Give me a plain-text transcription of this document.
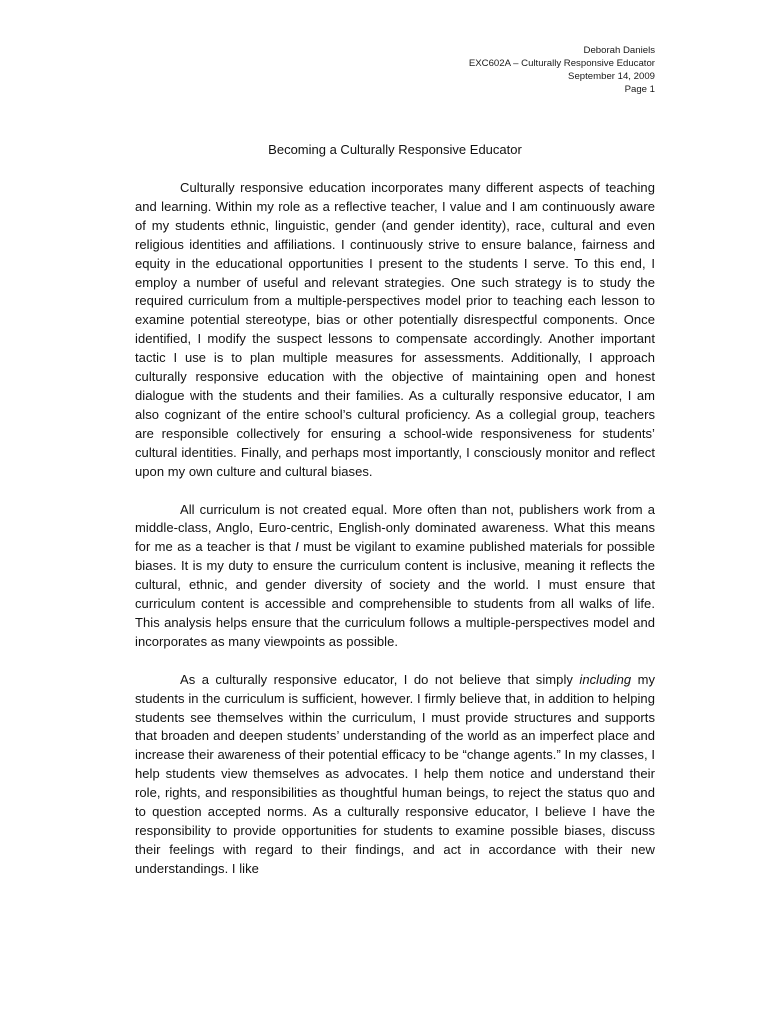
Deborah Daniels
EXC602A – Culturally Responsive Educator
September 14, 2009
Page 1
Becoming a Culturally Responsive Educator

Culturally responsive education incorporates many different aspects of teaching and learning. Within my role as a reflective teacher, I value and I am continuously aware of my students ethnic, linguistic, gender (and gender identity), race, cultural and even religious identities and affiliations. I continuously strive to ensure balance, fairness and equity in the educational opportunities I present to the students I serve. To this end, I employ a number of useful and relevant strategies. One such strategy is to study the required curriculum from a multiple-perspectives model prior to teaching each lesson to examine potential stereotype, bias or other potentially disrespectful components. Once identified, I modify the suspect lessons to compensate accordingly. Another important tactic I use is to plan multiple measures for assessments. Additionally, I approach culturally responsive education with the objective of maintaining open and honest dialogue with the students and their families. As a culturally responsive educator, I am also cognizant of the entire school’s cultural proficiency. As a collegial group, teachers are responsible collectively for ensuring a school-wide responsiveness for students’ cultural identities. Finally, and perhaps most importantly, I consciously monitor and reflect upon my own culture and cultural biases.

All curriculum is not created equal. More often than not, publishers work from a middle-class, Anglo, Euro-centric, English-only dominated awareness. What this means for me as a teacher is that I must be vigilant to examine published materials for possible biases. It is my duty to ensure the curriculum content is inclusive, meaning it reflects the cultural, ethnic, and gender diversity of society and the world. I must ensure that curriculum content is accessible and comprehensible to students from all walks of life. This analysis helps ensure that the curriculum follows a multiple-perspectives model and incorporates as many viewpoints as possible.

As a culturally responsive educator, I do not believe that simply including my students in the curriculum is sufficient, however. I firmly believe that, in addition to helping students see themselves within the curriculum, I must provide structures and supports that broaden and deepen students’ understanding of the world as an imperfect place and increase their awareness of their potential efficacy to be “change agents.” In my classes, I help students view themselves as advocates. I help them notice and understand their role, rights, and responsibilities as thoughtful human beings, to reject the status quo and to question accepted norms. As a culturally responsive educator, I believe I have the responsibility to provide opportunities for students to examine possible biases, discuss their feelings with regard to their findings, and act in accordance with their new understandings. I like
